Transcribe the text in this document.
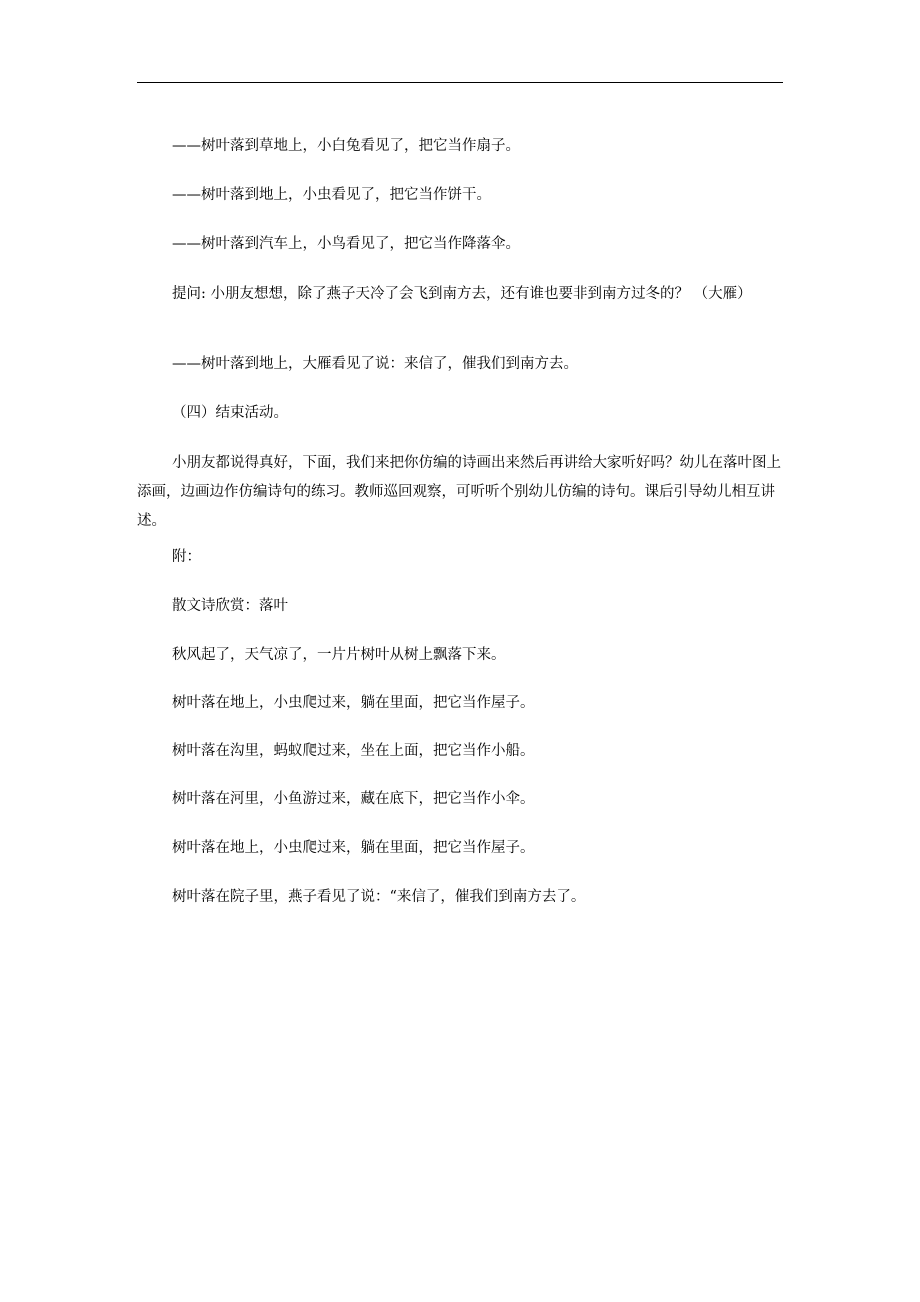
——树叶落到草地上，小白兔看见了，把它当作扇子。

——树叶落到地上，小虫看见了，把它当作饼干。

——树叶落到汽车上，小鸟看见了，把它当作降落伞。

提问: 小朋友想想，除了燕子天冷了会飞到南方去，还有谁也要非到南方过冬的？ （大雁）

——树叶落到地上，大雁看见了说：来信了，催我们到南方去。

（四）结束活动。

小朋友都说得真好，下面，我们来把你仿编的诗画出来然后再讲给大家听好吗？幼儿在落叶图上添画，边画边作仿编诗句的练习。教师巡回观察，可听听个别幼儿仿编的诗句。课后引导幼儿相互讲述。

附：

散文诗欣赏：落叶

秋风起了，天气凉了，一片片树叶从树上飘落下来。

树叶落在地上，小虫爬过来，躺在里面，把它当作屋子。

树叶落在沟里，蚂蚁爬过来，坐在上面，把它当作小船。

树叶落在河里，小鱼游过来，藏在底下，把它当作小伞。

树叶落在地上，小虫爬过来，躺在里面，把它当作屋子。

树叶落在院子里，燕子看见了说：“来信了，催我们到南方去了。
